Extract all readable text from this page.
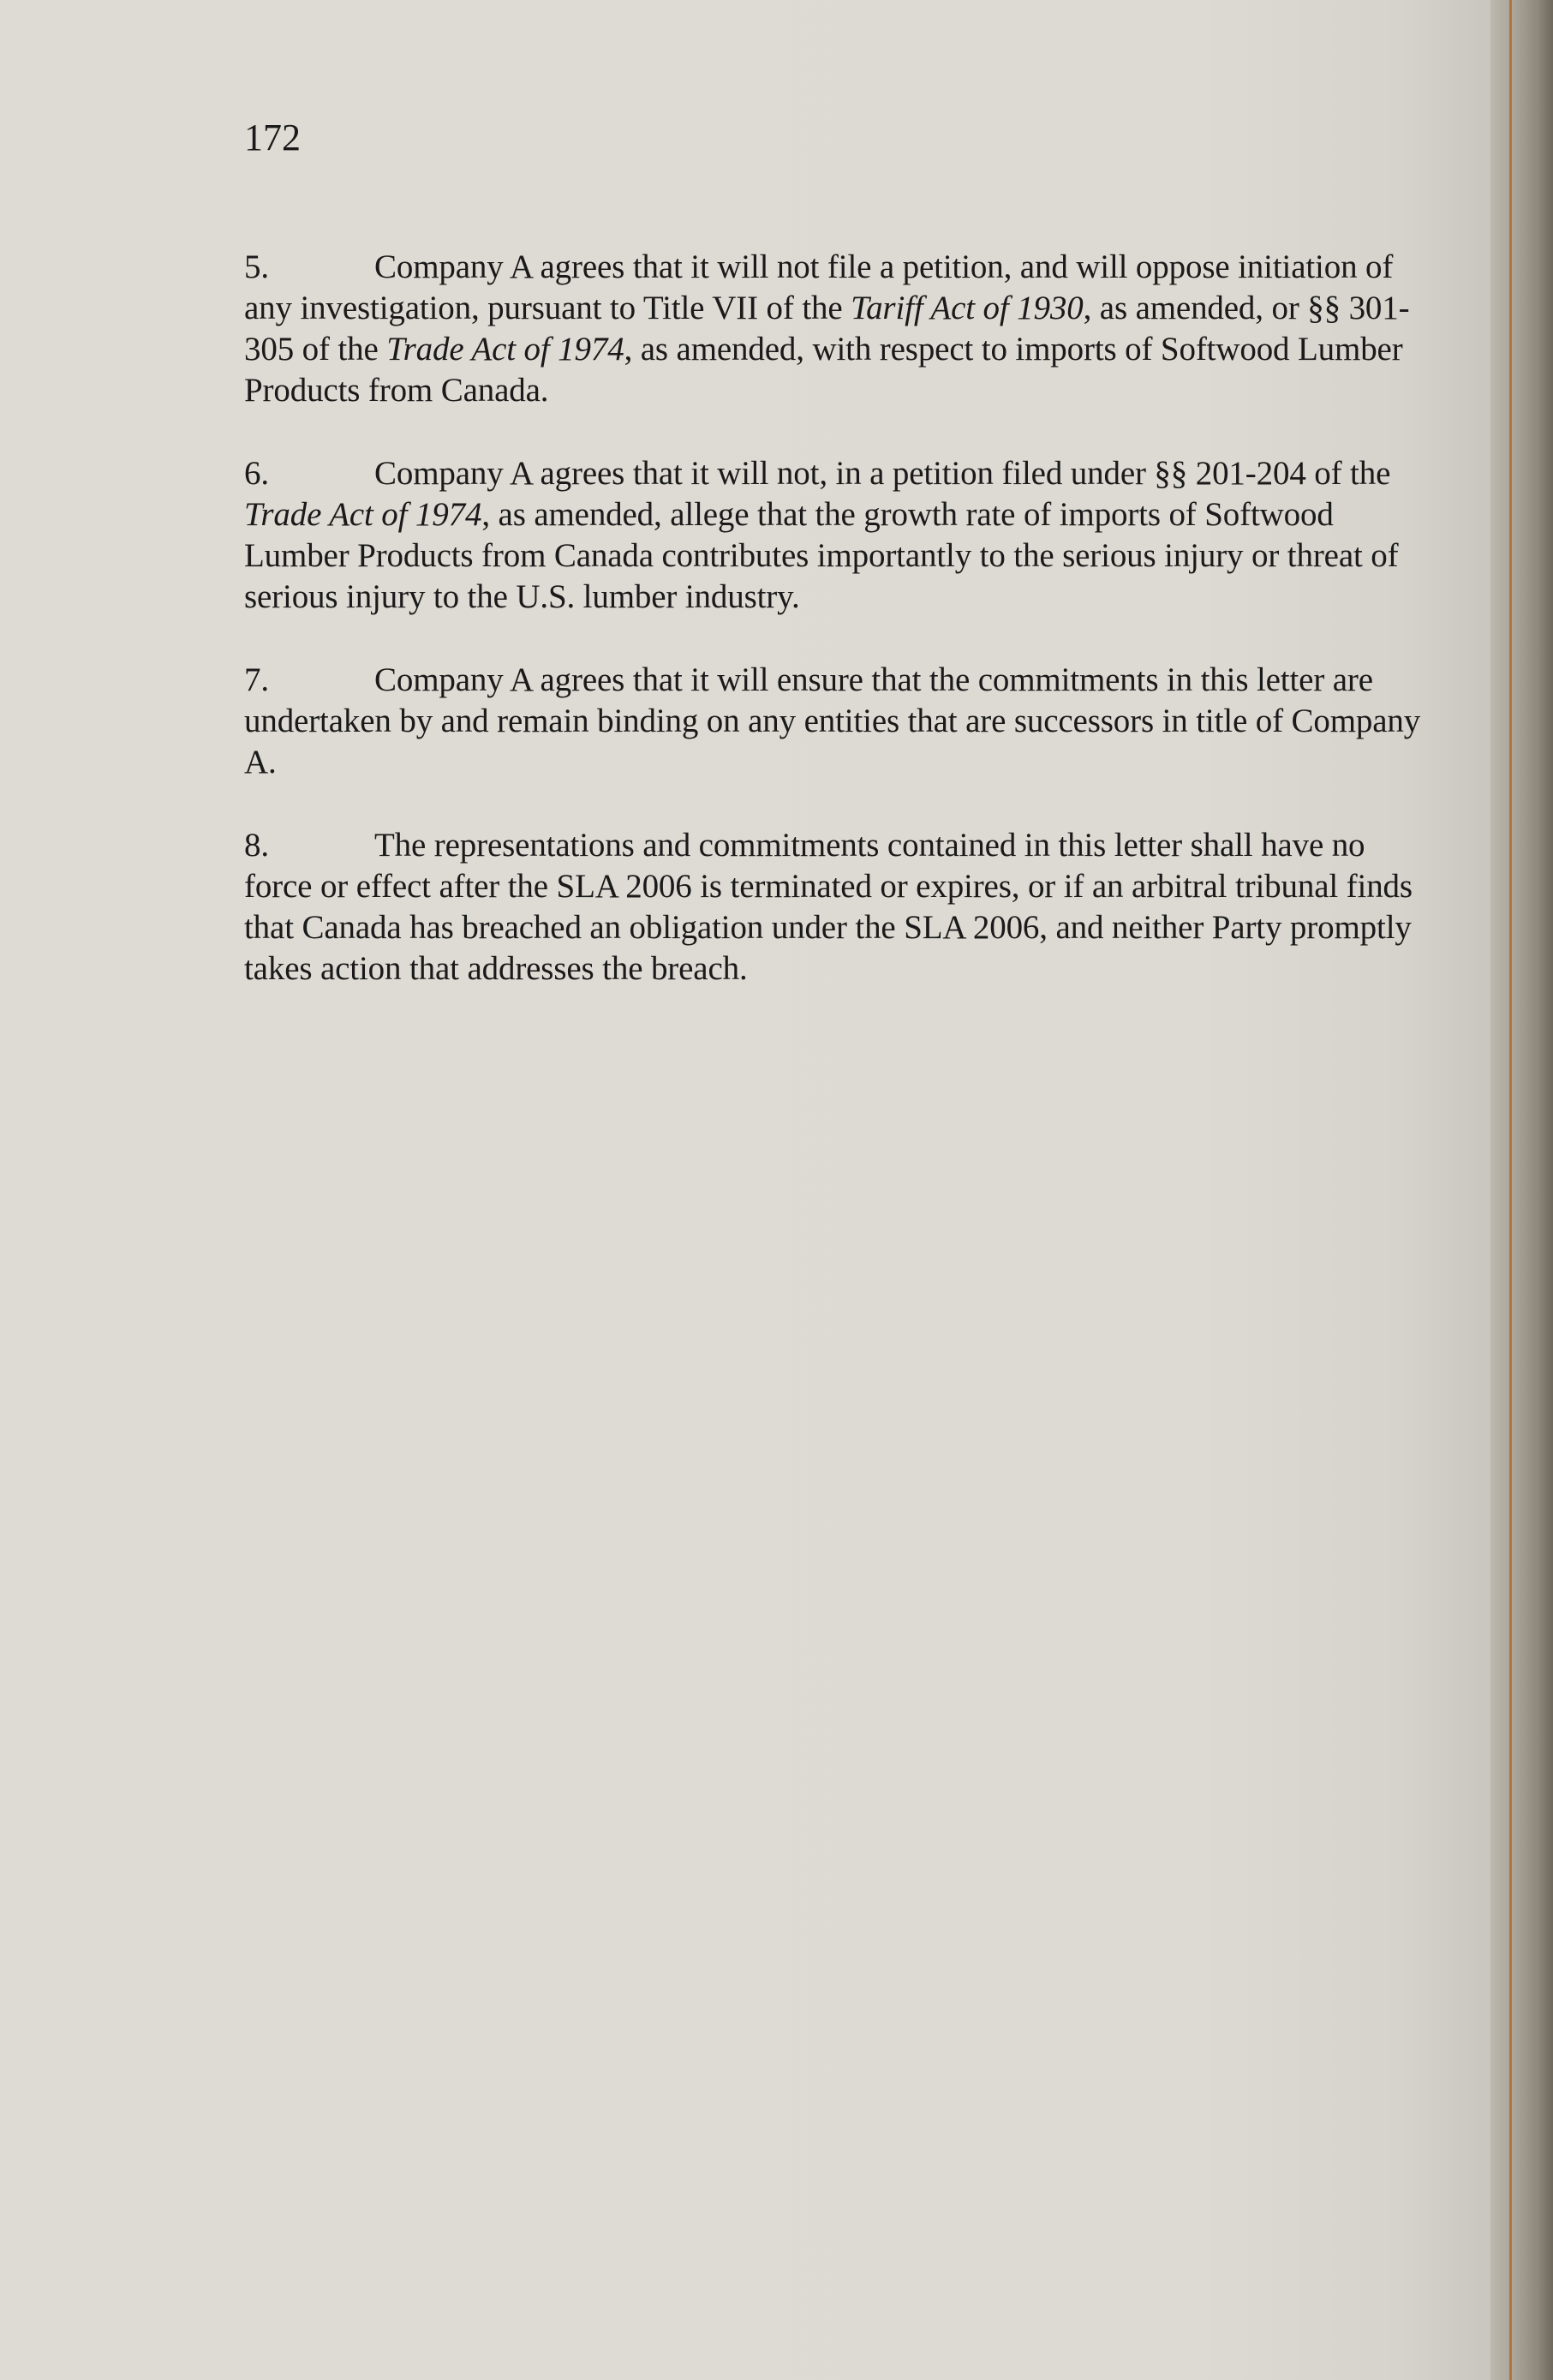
172

5.	Company A agrees that it will not file a petition, and will oppose initiation of any investigation, pursuant to Title VII of the Tariff Act of 1930, as amended, or §§ 301-305 of the Trade Act of 1974, as amended, with respect to imports of Softwood Lumber Products from Canada.

6.	Company A agrees that it will not, in a petition filed under §§ 201-204 of the Trade Act of 1974, as amended, allege that the growth rate of imports of Softwood Lumber Products from Canada contributes importantly to the serious injury or threat of serious injury to the U.S. lumber industry.

7.	Company A agrees that it will ensure that the commitments in this letter are undertaken by and remain binding on any entities that are successors in title of Company A.

8.	The representations and commitments contained in this letter shall have no force or effect after the SLA 2006 is terminated or expires, or if an arbitral tribunal finds that Canada has breached an obligation under the SLA 2006, and neither Party promptly takes action that addresses the breach.
